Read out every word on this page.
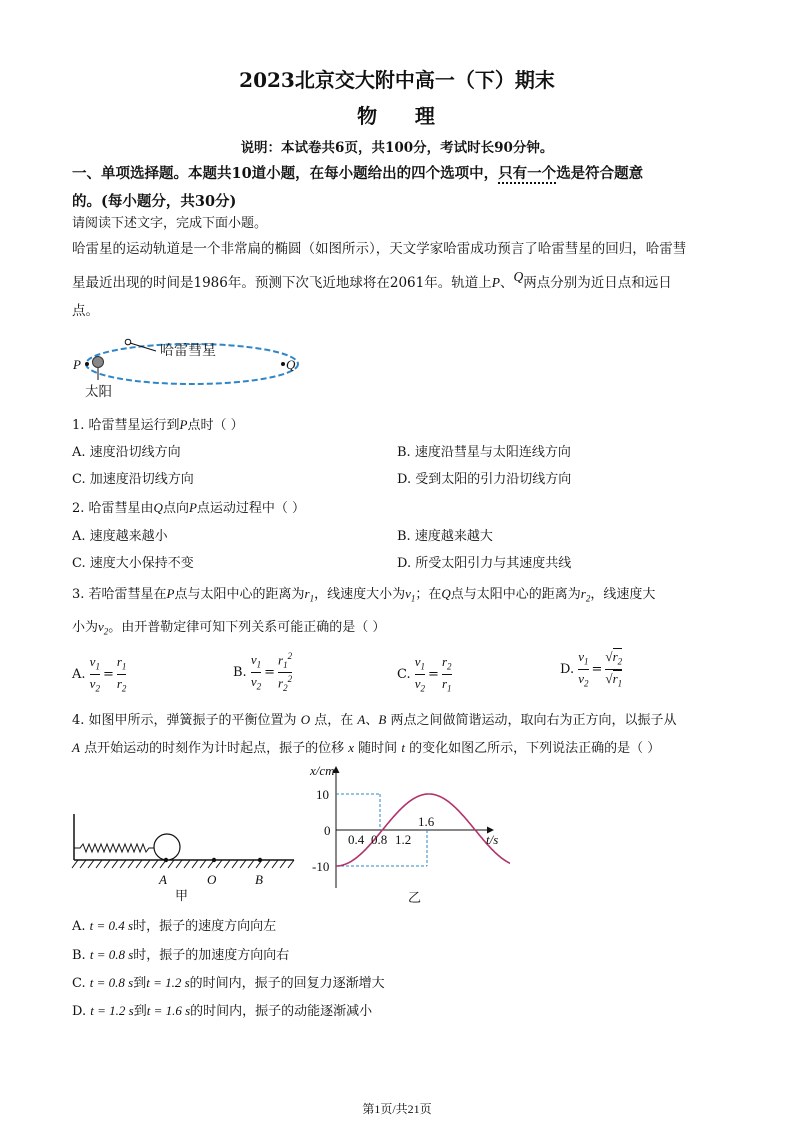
2023北京交大附中高一（下）期末
物    理
说明：本试卷共6页，共100分，考试时长90分钟。
一、单项选择题。本题共10道小题，在每小题给出的四个选项中，只有一个选是符合题意
的。(每小题分，共30分)
请阅读下述文字，完成下面小题。
哈雷星的运动轨道是一个非常扁的椭圆（如图所示），天文学家哈雷成功预言了哈雷彗星的回归，哈雷彗
星最近出现的时间是1986年。预测下次飞近地球将在2061年。轨道上P、Q两点分别为近日点和远日
点。
P	Q
哈雷彗星
太阳
1. 哈雷彗星运行到P点时（ ）
A. 速度沿切线方向	B. 速度沿彗星与太阳连线方向
C. 加速度沿切线方向	D. 受到太阳的引力沿切线方向
2. 哈雷彗星由Q点向P点运动过程中（ ）
A. 速度越来越小	B. 速度越来越大
C. 速度大小保持不变	D. 所受太阳引力与其速度共线
3. 若哈雷彗星在P点与太阳中心的距离为$r_1$，线速度大小为$v_1$；在Q点与太阳中心的距离为$r_2$，线速度大
小为$v_2$。由开普勒定律可知下列关系可能正确的是（ ）
A.
$\frac{v_1}{v_2} = \frac{r_1}{r_2}$	B.
$\frac{v_1}{v_2} = \frac{r_1^2}{r_2^2}$	C.
$\frac{v_1}{v_2} = \frac{r_2}{r_1}$	D.
$\frac{v_1}{v_2} = \frac{√r_2}{√r_1}$
4. 如图甲所示，弹簧振子的平衡位置为 O 点，在 A、B 两点之间做简谐运动，取向右为正方向，以振子从
A 点开始运动的时刻作为计时起点，振子的位移 x 随时间 t 的变化如图乙所示，下列说法正确的是（ ）
A	O	B
甲
x/cm
t/s
10
0
-10
0.4 0.8 1.2
1.6
乙
A. t = 0.4 s时，振子的速度方向向左
B. t = 0.8 s时，振子的加速度方向向右
C. t = 0.8 s到t = 1.2 s的时间内，振子的回复力逐渐增大
D. t = 1.2 s到t = 1.6 s的时间内，振子的动能逐渐减小
第1页/共21页
